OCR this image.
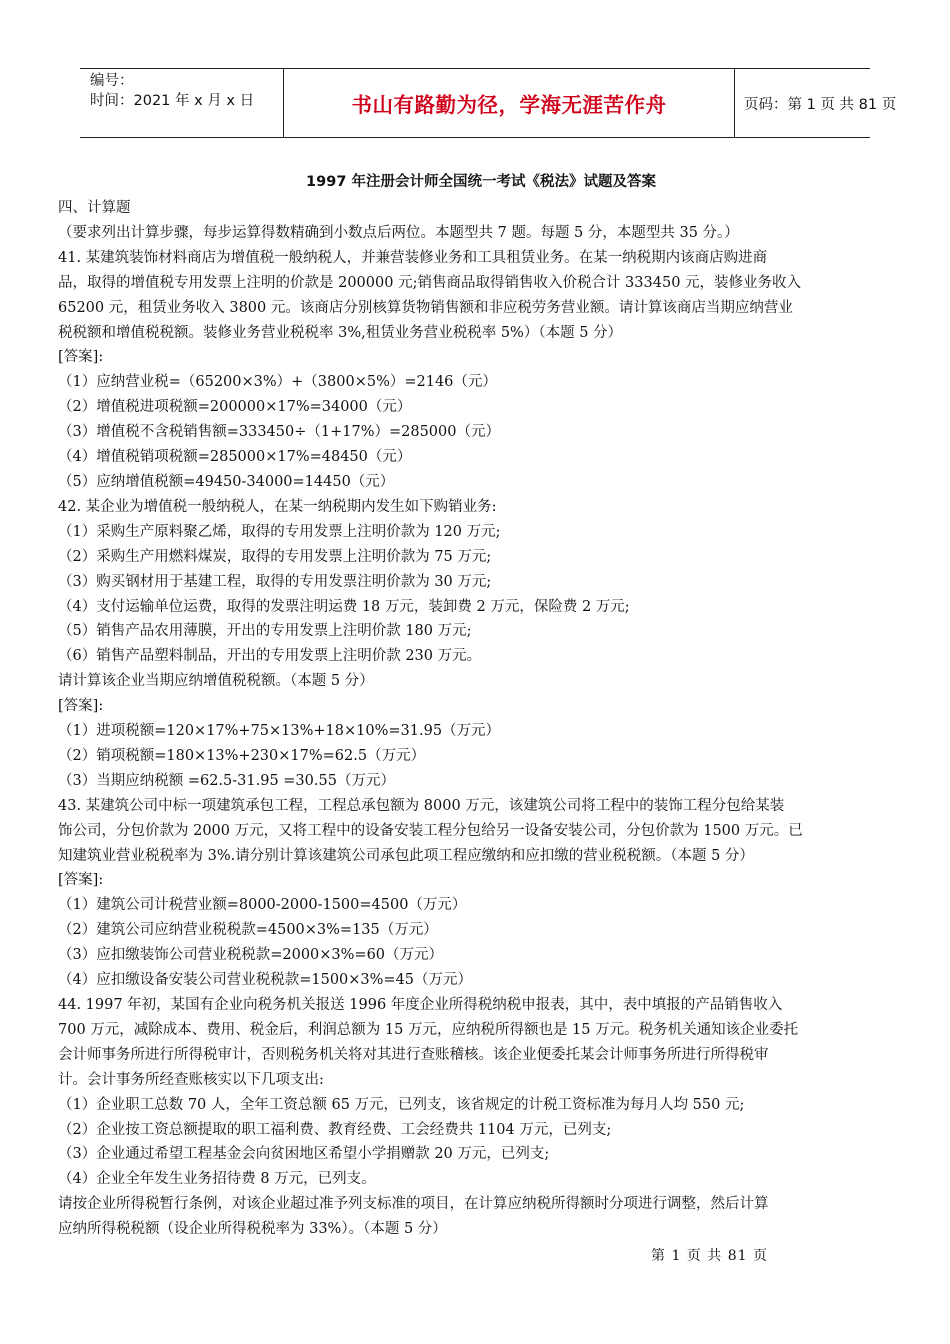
编号：
时间：2021 年 x 月 x 日	书山有路勤为径，学海无涯苦作舟	页码：第 1 页 共 81 页
1997 年注册会计师全国统一考试《税法》试题及答案
四、计算题
（要求列出计算步骤，每步运算得数精确到小数点后两位。本题型共 7 题。每题 5 分，本题型共 35 分。）
41. 某建筑装饰材料商店为增值税一般纳税人，并兼营装修业务和工具租赁业务。在某一纳税期内该商店购进商
品，取得的增值税专用发票上注明的价款是 200000 元;销售商品取得销售收入价税合计 333450 元，装修业务收入
65200 元，租赁业务收入 3800 元。该商店分别核算货物销售额和非应税劳务营业额。请计算该商店当期应纳营业
税税额和增值税税额。装修业务营业税税率 3%,租赁业务营业税税率 5%）（本题 5 分）
[答案]:
（1）应纳营业税=（65200×3%）+（3800×5%）=2146（元）
（2）增值税进项税额=200000×17%=34000（元）
（3）增值税不含税销售额=333450÷（1+17%）=285000（元）
（4）增值税销项税额=285000×17%=48450（元）
（5）应纳增值税额=49450-34000=14450（元）
42. 某企业为增值税一般纳税人，在某一纳税期内发生如下购销业务:
（1）采购生产原料聚乙烯，取得的专用发票上注明价款为 120 万元;
（2）采购生产用燃料煤炭，取得的专用发票上注明价款为 75 万元;
（3）购买钢材用于基建工程，取得的专用发票注明价款为 30 万元;
（4）支付运输单位运费，取得的发票注明运费 18 万元，装卸费 2 万元，保险费 2 万元;
（5）销售产品农用薄膜，开出的专用发票上注明价款 180 万元;
（6）销售产品塑料制品，开出的专用发票上注明价款 230 万元。
请计算该企业当期应纳增值税税额。（本题 5 分）
[答案]:
（1）进项税额=120×17%+75×13%+18×10%=31.95（万元）
（2）销项税额=180×13%+230×17%=62.5（万元）
（3）当期应纳税额 =62.5-31.95 =30.55（万元）
43. 某建筑公司中标一项建筑承包工程，工程总承包额为 8000 万元，该建筑公司将工程中的装饰工程分包给某装
饰公司，分包价款为 2000 万元，又将工程中的设备安装工程分包给另一设备安装公司，分包价款为 1500 万元。已
知建筑业营业税税率为 3%.请分别计算该建筑公司承包此项工程应缴纳和应扣缴的营业税税额。（本题 5 分）
[答案]:
（1）建筑公司计税营业额=8000-2000-1500=4500（万元）
（2）建筑公司应纳营业税税款=4500×3%=135（万元）
（3）应扣缴装饰公司营业税税款=2000×3%=60（万元）
（4）应扣缴设备安装公司营业税税款=1500×3%=45（万元）
44. 1997 年初，某国有企业向税务机关报送 1996 年度企业所得税纳税申报表，其中，表中填报的产品销售收入
700 万元，减除成本、费用、税金后，利润总额为 15 万元，应纳税所得额也是 15 万元。税务机关通知该企业委托
会计师事务所进行所得税审计，否则税务机关将对其进行查账稽核。该企业便委托某会计师事务所进行所得税审
计。会计事务所经查账核实以下几项支出:
（1）企业职工总数 70 人，全年工资总额 65 万元，已列支，该省规定的计税工资标准为每月人均 550 元;
（2）企业按工资总额提取的职工福利费、教育经费、工会经费共 1104 万元，已列支;
（3）企业通过希望工程基金会向贫困地区希望小学捐赠款 20 万元，已列支;
（4）企业全年发生业务招待费 8 万元，已列支。
请按企业所得税暂行条例，对该企业超过准予列支标准的项目，在计算应纳税所得额时分项进行调整，然后计算
应纳所得税税额（设企业所得税税率为 33%）。（本题 5 分）
第 1 页 共 81 页
